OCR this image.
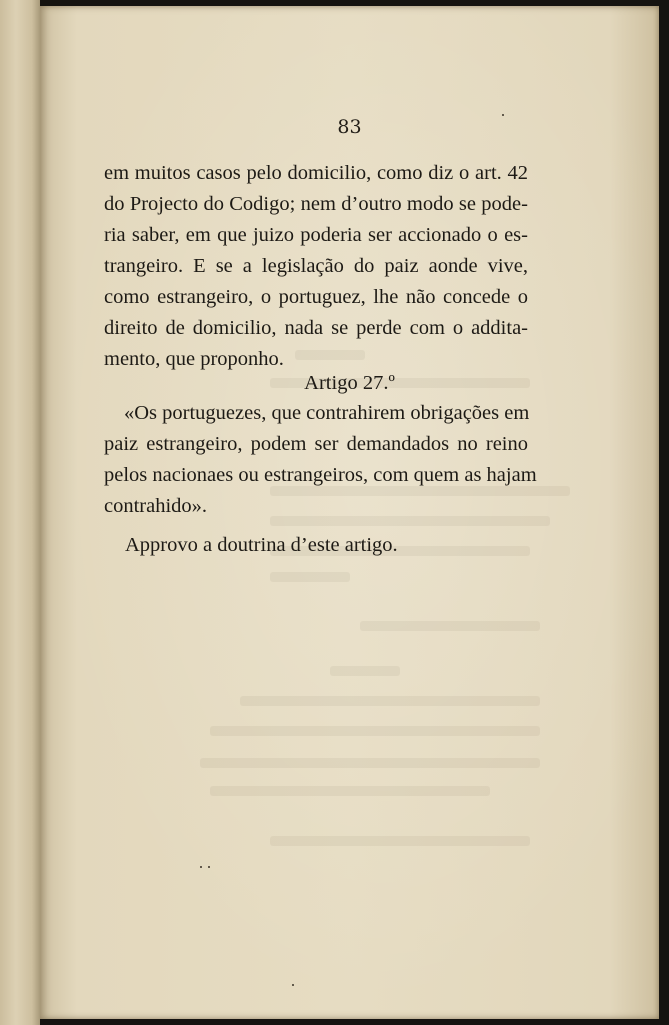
83
em muitos casos pelo domicilio, como diz o art. 42
do Projecto do Codigo; nem d’outro modo se pode-
ria saber, em que juizo poderia ser accionado o es-
trangeiro. E se a legislação do paiz aonde vive,
como estrangeiro, o portuguez, lhe não concede o
direito de domicilio, nada se perde com o addita-
mento, que proponho.
Artigo 27.º
«Os portuguezes, que contrahirem obrigações em
paiz estrangeiro, podem ser demandados no reino
pelos nacionaes ou estrangeiros, com quem as hajam
contrahido».
Approvo a doutrina d’este artigo.
